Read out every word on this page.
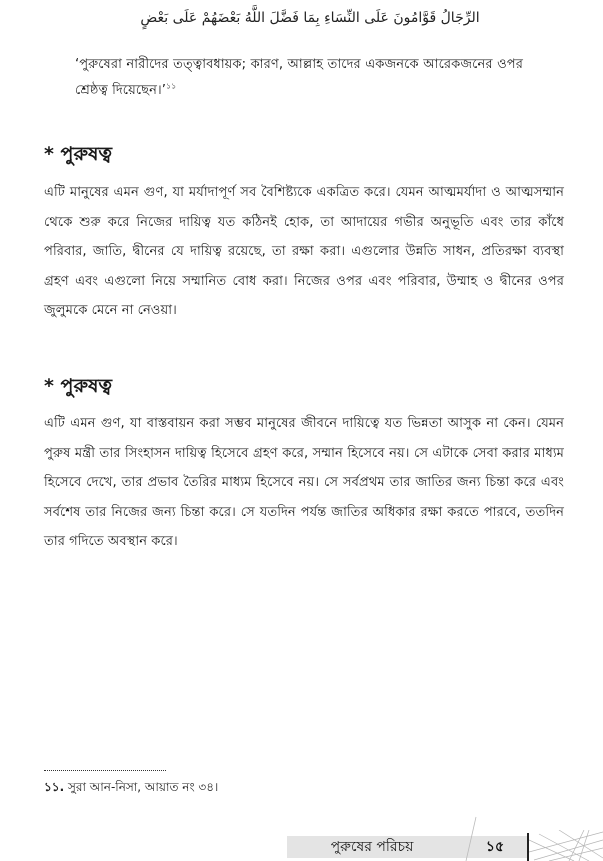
الرِّجَالُ قَوَّامُونَ عَلَى النِّسَاءِ بِمَا فَضَّلَ اللَّهُ بَعْضَهُمْ عَلَى بَعْضٍ
‘পুরুষেরা নারীদের তত্ত্বাবধায়ক; কারণ, আল্লাহ তাদের একজনকে আরেকজনের ওপর শ্রেষ্ঠত্ব দিয়েছেন।’$^{১১}$
* পুরুষত্ব
এটি মানুষের এমন গুণ, যা মর্যাদাপূর্ণ সব বৈশিষ্ট্যকে একত্রিত করে। যেমন আত্মমর্যাদা ও আত্মসম্মান থেকে শুরু করে নিজের দায়িত্ব যত কঠিনই হোক, তা আদায়ের গভীর অনুভূতি এবং তার কাঁধে পরিবার, জাতি, দ্বীনের যে দায়িত্ব রয়েছে, তা রক্ষা করা। এগুলোর উন্নতি সাধন, প্রতিরক্ষা ব্যবস্থা গ্রহণ এবং এগুলো নিয়ে সম্মানিত বোধ করা। নিজের ওপর এবং পরিবার, উম্মাহ ও দ্বীনের ওপর জুলুমকে মেনে না নেওয়া।
* পুরুষত্ব
এটি এমন গুণ, যা বাস্তবায়ন করা সম্ভব মানুষের জীবনে দায়িত্বে যত ভিন্নতা আসুক না কেন। যেমন পুরুষ মন্ত্রী তার সিংহাসন দায়িত্ব হিসেবে গ্রহণ করে, সম্মান হিসেবে নয়। সে এটাকে সেবা করার মাধ্যম হিসেবে দেখে, তার প্রভাব তৈরির মাধ্যম হিসেবে নয়। সে সর্বপ্রথম তার জাতির জন্য চিন্তা করে এবং সর্বশেষ তার নিজের জন্য চিন্তা করে। সে যতদিন পর্যন্ত জাতির অধিকার রক্ষা করতে পারবে, ততদিন তার গদিতে অবস্থান করে।
১১. সুরা আন-নিসা, আয়াত নং ৩৪।
পুরুষের পরিচয়	১৫
